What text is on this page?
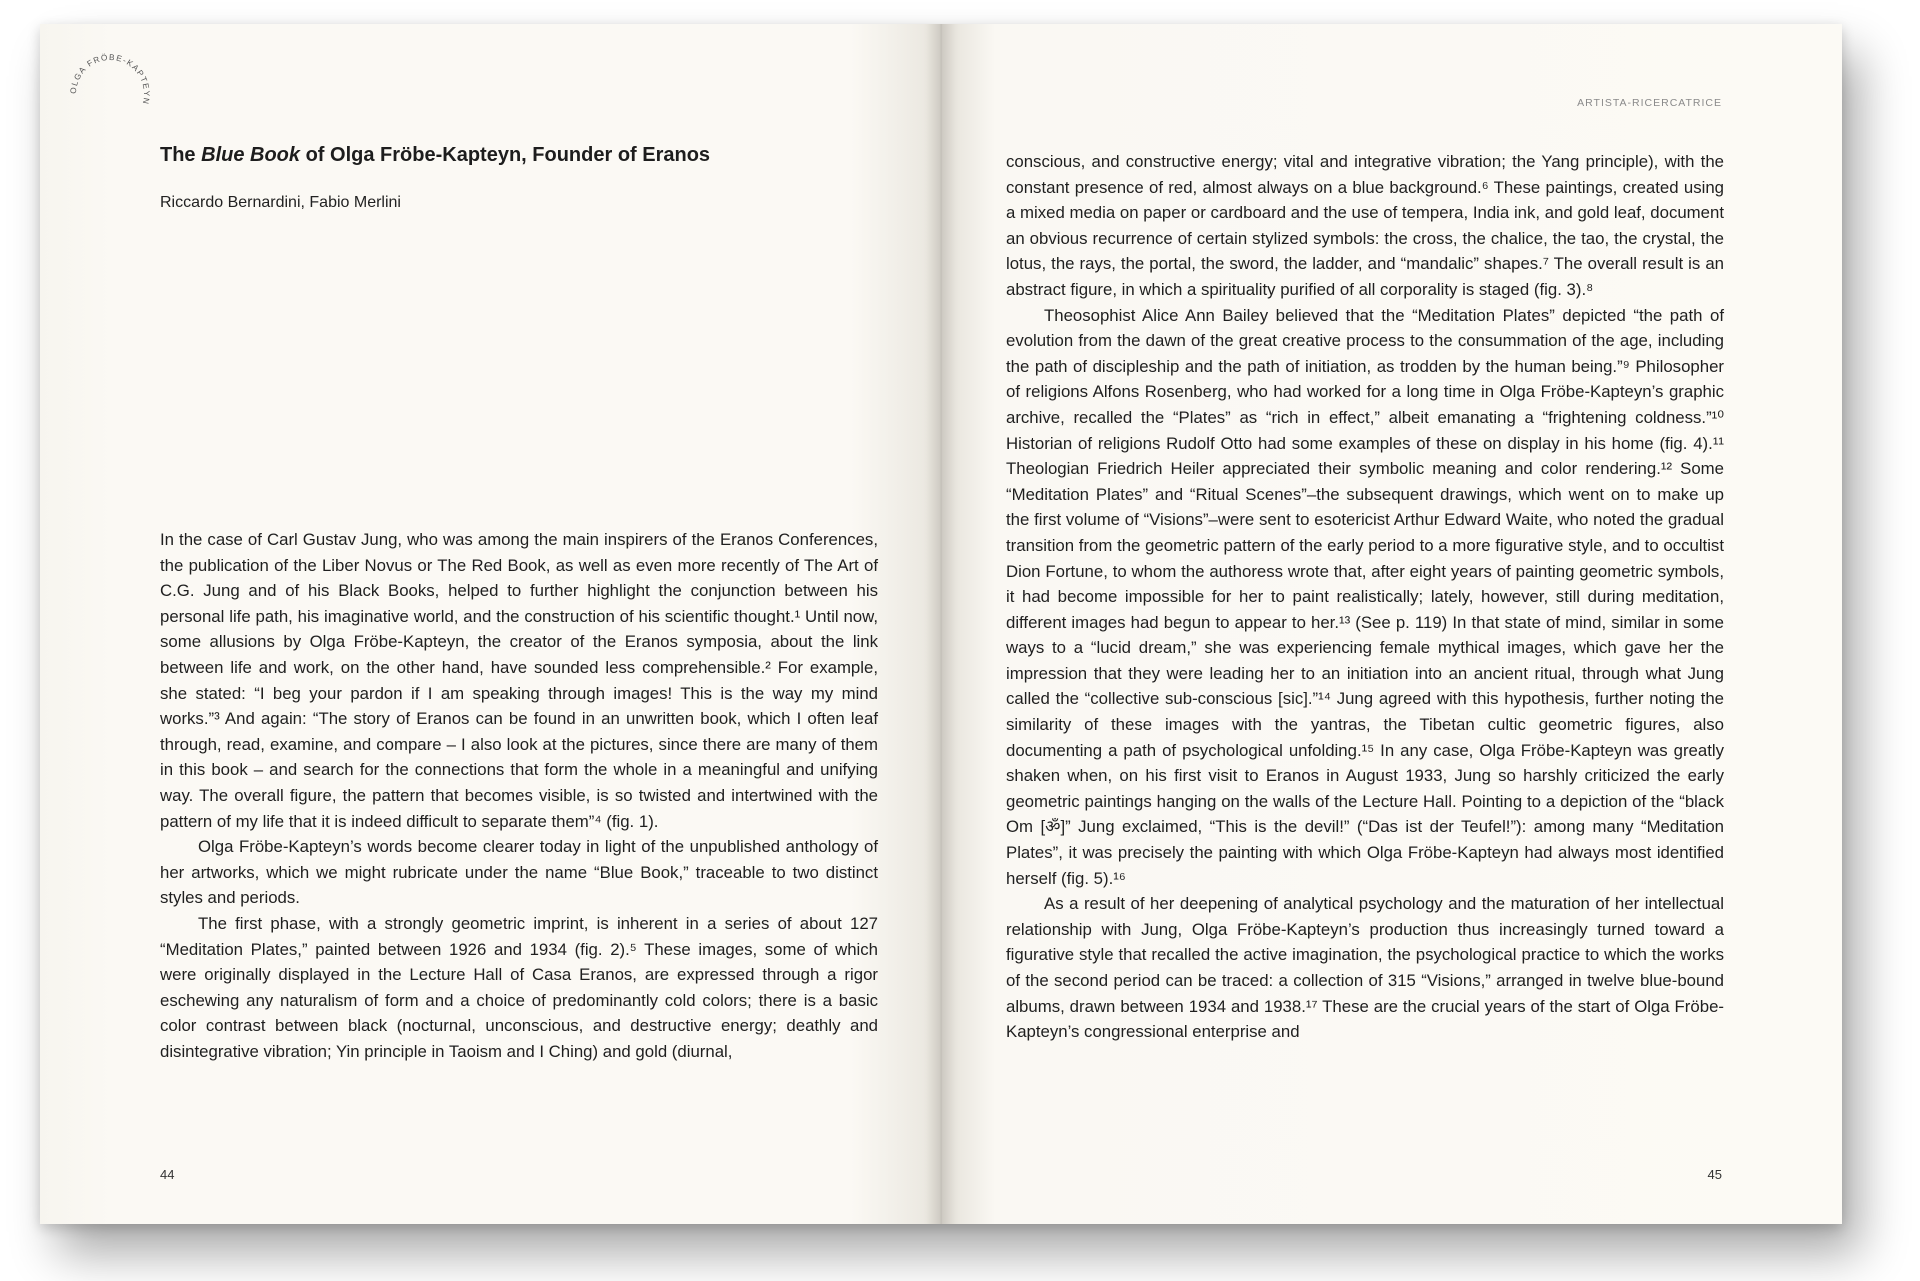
OLGA FRÖBE-KAPTEYN
The Blue Book of Olga Fröbe-Kapteyn, Founder of Eranos
Riccardo Bernardini, Fabio Merlini

In the case of Carl Gustav Jung, who was among the main inspirers of the Eranos Conferences, the publication of the Liber Novus or The Red Book, as well as even more recently of The Art of C.G. Jung and of his Black Books, helped to further highlight the conjunction between his personal life path, his imaginative world, and the construction of his scientific thought.¹ Until now, some allusions by Olga Fröbe-Kapteyn, the creator of the Eranos symposia, about the link between life and work, on the other hand, have sounded less comprehensible.² For example, she stated: “I beg your pardon if I am speaking through images! This is the way my mind works.”³ And again: “The story of Eranos can be found in an unwritten book, which I often leaf through, read, examine, and compare – I also look at the pictures, since there are many of them in this book – and search for the connections that form the whole in a meaningful and unifying way. The overall figure, the pattern that becomes visible, is so twisted and intertwined with the pattern of my life that it is indeed difficult to separate them”⁴ (fig. 1).

Olga Fröbe-Kapteyn’s words become clearer today in light of the unpublished anthology of her artworks, which we might rubricate under the name “Blue Book,” traceable to two distinct styles and periods.

The first phase, with a strongly geometric imprint, is inherent in a series of about 127 “Meditation Plates,” painted between 1926 and 1934 (fig. 2).⁵ These images, some of which were originally displayed in the Lecture Hall of Casa Eranos, are expressed through a rigor eschewing any naturalism of form and a choice of predominantly cold colors; there is a basic color contrast between black (nocturnal, unconscious, and destructive energy; deathly and disintegrative vibration; Yin principle in Taoism and I Ching) and gold (diurnal,

44
ARTISTA-RICERCATRICE

conscious, and constructive energy; vital and integrative vibration; the Yang principle), with the constant presence of red, almost always on a blue background.⁶ These paintings, created using a mixed media on paper or cardboard and the use of tempera, India ink, and gold leaf, document an obvious recurrence of certain stylized symbols: the cross, the chalice, the tao, the crystal, the lotus, the rays, the portal, the sword, the ladder, and “mandalic” shapes.⁷ The overall result is an abstract figure, in which a spirituality purified of all corporality is staged (fig. 3).⁸

Theosophist Alice Ann Bailey believed that the “Meditation Plates” depicted “the path of evolution from the dawn of the great creative process to the consummation of the age, including the path of discipleship and the path of initiation, as trodden by the human being.”⁹ Philosopher of religions Alfons Rosenberg, who had worked for a long time in Olga Fröbe-Kapteyn’s graphic archive, recalled the “Plates” as “rich in effect,” albeit emanating a “frightening coldness.”¹⁰ Historian of religions Rudolf Otto had some examples of these on display in his home (fig. 4).¹¹ Theologian Friedrich Heiler appreciated their symbolic meaning and color rendering.¹² Some “Meditation Plates” and “Ritual Scenes”–the subsequent drawings, which went on to make up the first volume of “Visions”–were sent to esotericist Arthur Edward Waite, who noted the gradual transition from the geometric pattern of the early period to a more figurative style, and to occultist Dion Fortune, to whom the authoress wrote that, after eight years of painting geometric symbols, it had become impossible for her to paint realistically; lately, however, still during meditation, different images had begun to appear to her.¹³ (See p. 119) In that state of mind, similar in some ways to a “lucid dream,” she was experiencing female mythical images, which gave her the impression that they were leading her to an initiation into an ancient ritual, through what Jung called the “collective sub-conscious [sic].”¹⁴ Jung agreed with this hypothesis, further noting the similarity of these images with the yantras, the Tibetan cultic geometric figures, also documenting a path of psychological unfolding.¹⁵ In any case, Olga Fröbe-Kapteyn was greatly shaken when, on his first visit to Eranos in August 1933, Jung so harshly criticized the early geometric paintings hanging on the walls of the Lecture Hall. Pointing to a depiction of the “black Om [ॐ]” Jung exclaimed, “This is the devil!” (“Das ist der Teufel!”): among many “Meditation Plates”, it was precisely the painting with which Olga Fröbe-Kapteyn had always most identified herself (fig. 5).¹⁶

As a result of her deepening of analytical psychology and the maturation of her intellectual relationship with Jung, Olga Fröbe-Kapteyn’s production thus increasingly turned toward a figurative style that recalled the active imagination, the psychological practice to which the works of the second period can be traced: a collection of 315 “Visions,” arranged in twelve blue-bound albums, drawn between 1934 and 1938.¹⁷ These are the crucial years of the start of Olga Fröbe-Kapteyn’s congressional enterprise and

45
